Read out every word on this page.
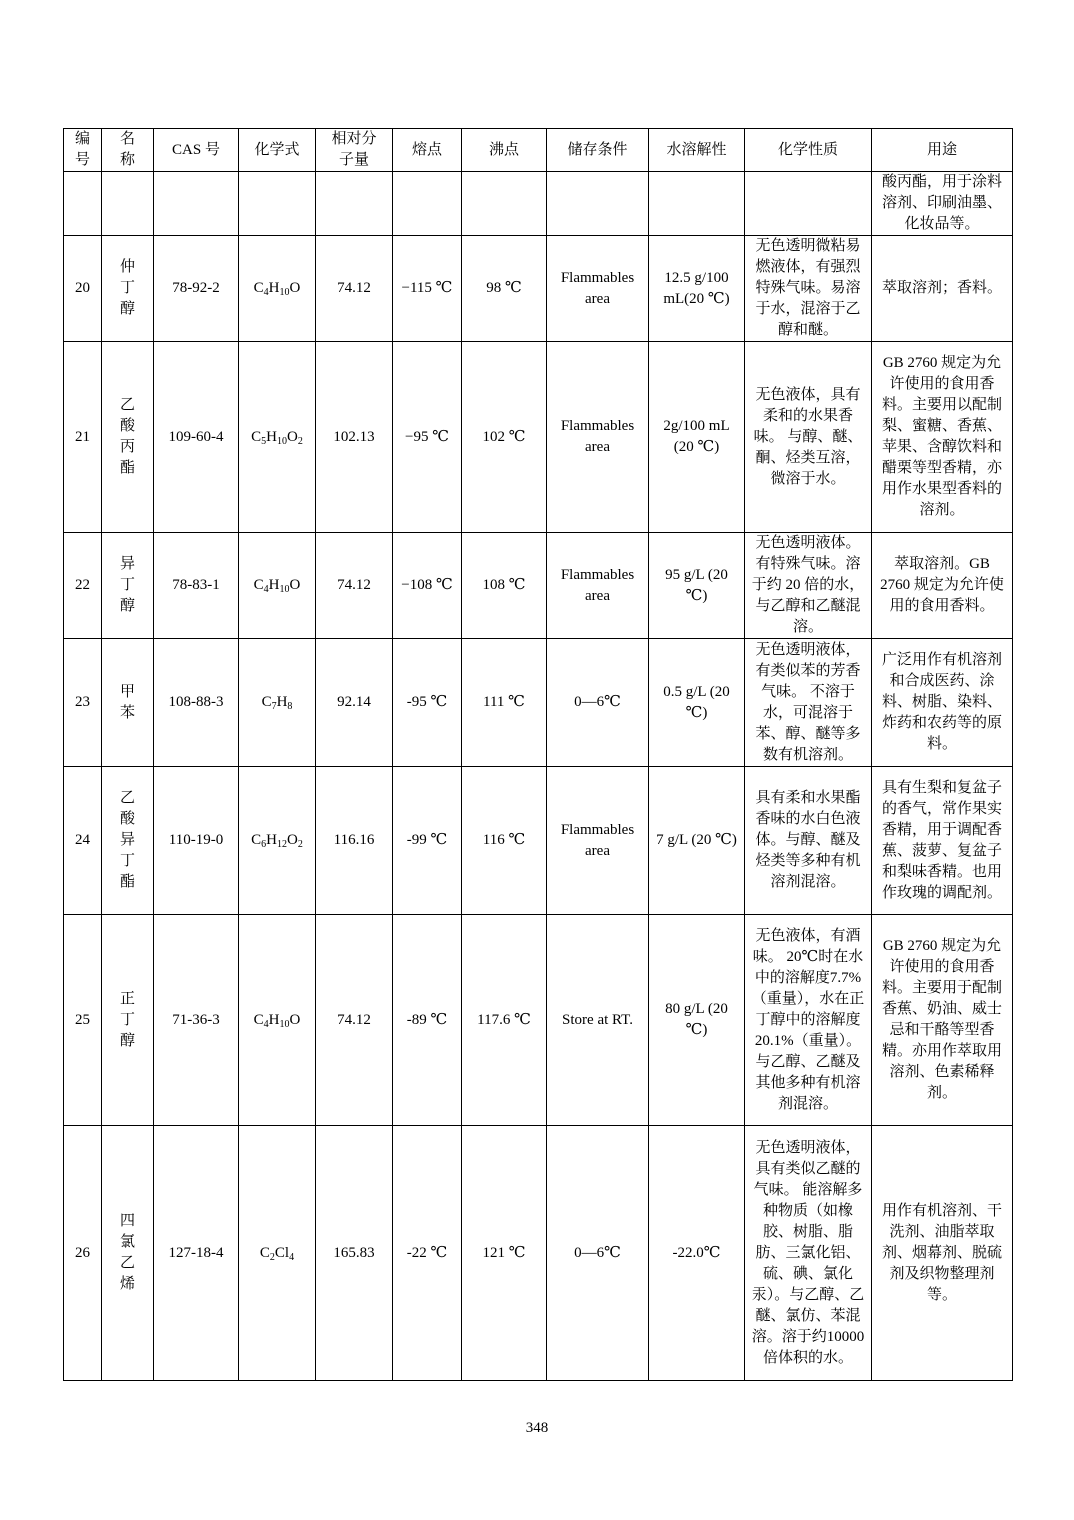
编号	名称	CAS 号	化学式	相对分子量	熔点	沸点	储存条件	水溶解性	化学性质	用途
										酸丙酯，用于涂料溶剂、印刷油墨、化妆品等。
20	仲丁醇	78-92-2	$C_4H_{10}O$	74.12	−115 ℃	98 ℃	Flammables area	12.5 g/100 mL(20 ℃)	无色透明微粘易燃液体，有强烈特殊气味。易溶于水，混溶于乙醇和醚。	萃取溶剂；香料。
21	乙酸丙酯	109-60-4	$C_5H_{10}O_2$	102.13	−95 ℃	102 ℃	Flammables area	2g/100 mL (20 ℃)	无色液体，具有柔和的水果香味。 与醇、醚、酮、烃类互溶，微溶于水。	GB 2760 规定为允许使用的食用香料。主要用以配制梨、蜜糖、香蕉、苹果、含醇饮料和醋栗等型香精，亦用作水果型香料的溶剂。
22	异丁醇	78-83-1	$C_4H_{10}O$	74.12	−108 ℃	108 ℃	Flammables area	95 g/L (20 ℃)	无色透明液体。有特殊气味。溶于约 20 倍的水，与乙醇和乙醚混溶。	萃取溶剂。GB 2760 规定为允许使用的食用香料。
23	甲苯	108-88-3	$C_7H_8$	92.14	-95 ℃	111 ℃	0—6℃	0.5 g/L (20 ℃)	无色透明液体，有类似苯的芳香气味。 不溶于水，可混溶于苯、醇、醚等多数有机溶剂。	广泛用作有机溶剂和合成医药、涂料、树脂、染料、炸药和农药等的原料。
24	乙酸异丁酯	110-19-0	$C_6H_{12}O_2$	116.16	-99 ℃	116 ℃	Flammables area	7 g/L (20 ℃)	具有柔和水果酯香味的水白色液体。与醇、醚及烃类等多种有机溶剂混溶。	具有生梨和复盆子的香气，常作果实香精，用于调配香蕉、菠萝、复盆子和梨味香精。也用作玫瑰的调配剂。
25	正丁醇	71-36-3	$C_4H_{10}O$	74.12	-89 ℃	117.6 ℃	Store at RT.	80 g/L (20 ℃)	无色液体，有酒味。 20℃时在水中的溶解度7.7%（重量），水在正丁醇中的溶解度20.1%（重量）。与乙醇、乙醚及其他多种有机溶剂混溶。	GB 2760 规定为允许使用的食用香料。主要用于配制香蕉、奶油、威士忌和干酪等型香精。亦用作萃取用溶剂、色素稀释剂。
26	四氯乙烯	127-18-4	$C_2Cl_4$	165.83	-22 ℃	121 ℃	0—6℃	-22.0℃	无色透明液体，具有类似乙醚的气味。 能溶解多种物质（如橡胶、树脂、脂肪、三氯化铝、硫、碘、氯化汞）。与乙醇、乙醚、氯仿、苯混溶。溶于约10000 倍体积的水。	用作有机溶剂、干洗剂、油脂萃取剂、烟幕剂、脱硫剂及织物整理剂等。
348
